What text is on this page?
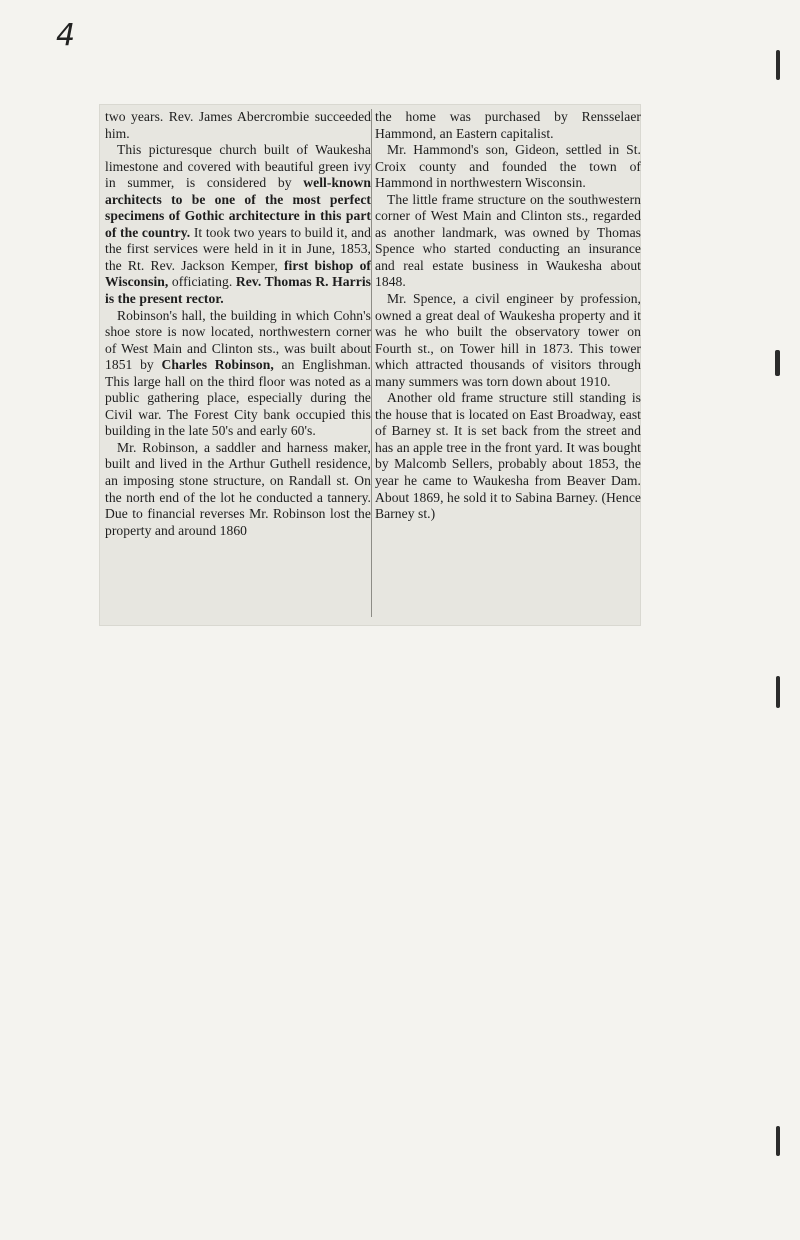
4

two years. Rev. James Abercrombie succeeded him.

This picturesque church built of Waukesha limestone and covered with beautiful green ivy in summer, is considered by well-known architects to be one of the most perfect specimens of Gothic architecture in this part of the country. It took two years to build it, and the first services were held in it in June, 1853, the Rt. Rev. Jackson Kemper, first bishop of Wisconsin, officiating. Rev. Thomas R. Harris is the present rector.

Robinson's hall, the building in which Cohn's shoe store is now located, northwestern corner of West Main and Clinton sts., was built about 1851 by Charles Robinson, an Englishman. This large hall on the third floor was noted as a public gathering place, especially during the Civil war. The Forest City bank occupied this building in the late 50's and early 60's.

Mr. Robinson, a saddler and harness maker, built and lived in the Arthur Guthell residence, an imposing stone structure, on Randall st. On the north end of the lot he conducted a tannery. Due to financial reverses Mr. Robinson lost the property and around 1860

the home was purchased by Rensselaer Hammond, an Eastern capitalist.

Mr. Hammond's son, Gideon, settled in St. Croix county and founded the town of Hammond in northwestern Wisconsin.

The little frame structure on the southwestern corner of West Main and Clinton sts., regarded as another landmark, was owned by Thomas Spence who started conducting an insurance and real estate business in Waukesha about 1848.

Mr. Spence, a civil engineer by profession, owned a great deal of Waukesha property and it was he who built the observatory tower on Fourth st., on Tower hill in 1873. This tower which attracted thousands of visitors through many summers was torn down about 1910.

Another old frame structure still standing is the house that is located on East Broadway, east of Barney st. It is set back from the street and has an apple tree in the front yard. It was bought by Malcomb Sellers, probably about 1853, the year he came to Waukesha from Beaver Dam. About 1869, he sold it to Sabina Barney. (Hence Barney st.)
